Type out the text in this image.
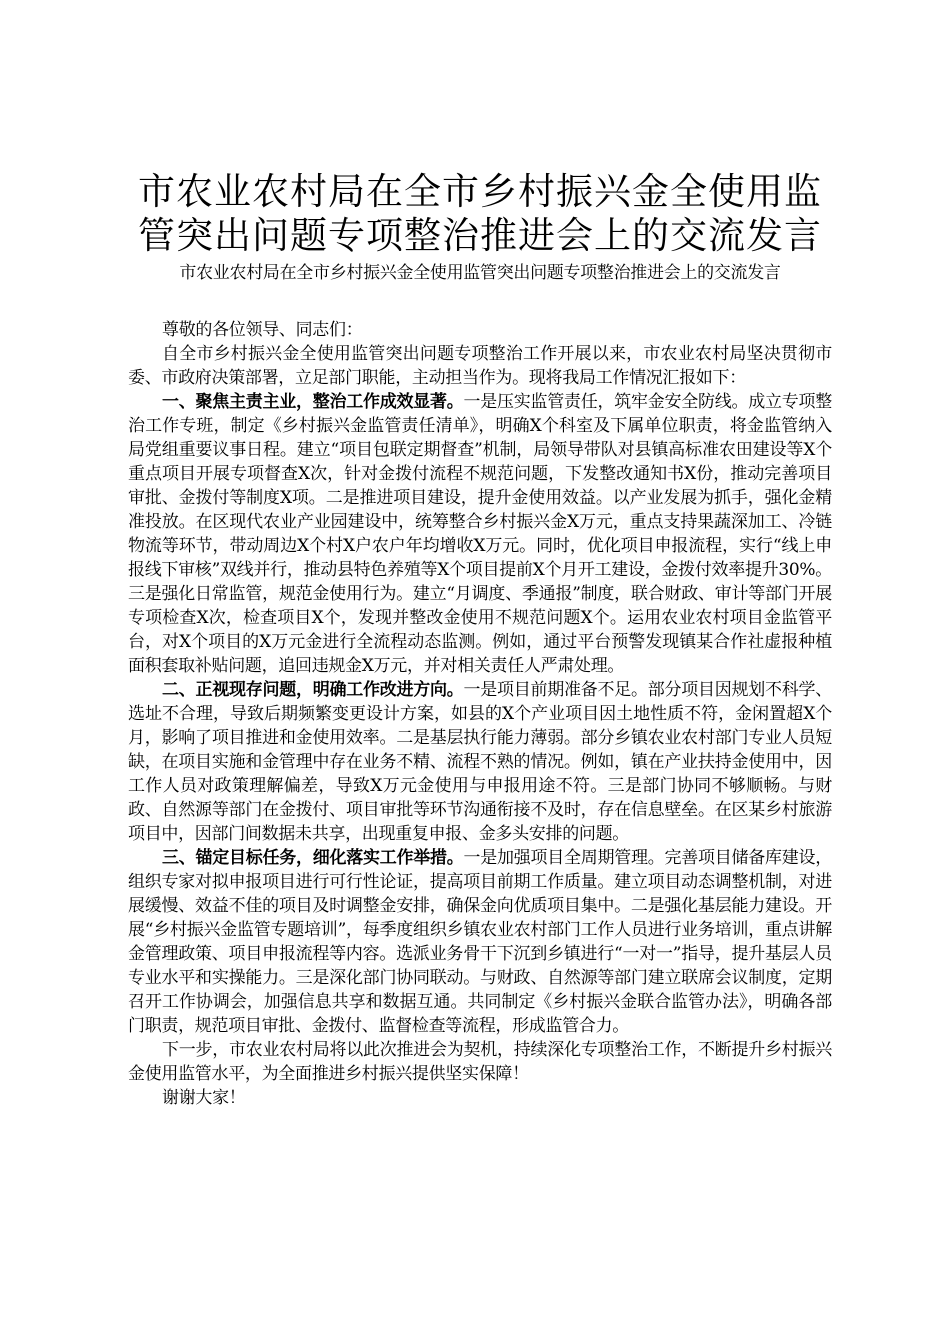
市农业农村局在全市乡村振兴金全使用监管突出问题专项整治推进会上的交流发言
市农业农村局在全市乡村振兴金全使用监管突出问题专项整治推进会上的交流发言

尊敬的各位领导、同志们：

自全市乡村振兴金全使用监管突出问题专项整治工作开展以来，市农业农村局坚决贯彻市委、市政府决策部署，立足部门职能，主动担当作为。现将我局工作情况汇报如下：

一、聚焦主责主业，整治工作成效显著。一是压实监管责任，筑牢金安全防线。成立专项整治工作专班，制定《乡村振兴金监管责任清单》，明确X个科室及下属单位职责，将金监管纳入局党组重要议事日程。建立“项目包联定期督查”机制，局领导带队对县镇高标准农田建设等X个重点项目开展专项督查X次，针对金拨付流程不规范问题，下发整改通知书X份，推动完善项目审批、金拨付等制度X项。二是推进项目建设，提升金使用效益。以产业发展为抓手，强化金精准投放。在区现代农业产业园建设中，统筹整合乡村振兴金X万元，重点支持果蔬深加工、冷链物流等环节，带动周边X个村X户农户年均增收X万元。同时，优化项目申报流程，实行“线上申报线下审核”双线并行，推动县特色养殖等X个项目提前X个月开工建设，金拨付效率提升30%。三是强化日常监管，规范金使用行为。建立“月调度、季通报”制度，联合财政、审计等部门开展专项检查X次，检查项目X个，发现并整改金使用不规范问题X个。运用农业农村项目金监管平台，对X个项目的X万元金进行全流程动态监测。例如，通过平台预警发现镇某合作社虚报种植面积套取补贴问题，追回违规金X万元，并对相关责任人严肃处理。

二、正视现存问题，明确工作改进方向。一是项目前期准备不足。部分项目因规划不科学、选址不合理，导致后期频繁变更设计方案，如县的X个产业项目因土地性质不符，金闲置超X个月，影响了项目推进和金使用效率。二是基层执行能力薄弱。部分乡镇农业农村部门专业人员短缺，在项目实施和金管理中存在业务不精、流程不熟的情况。例如，镇在产业扶持金使用中，因工作人员对政策理解偏差，导致X万元金使用与申报用途不符。三是部门协同不够顺畅。与财政、自然源等部门在金拨付、项目审批等环节沟通衔接不及时，存在信息壁垒。在区某乡村旅游项目中，因部门间数据未共享，出现重复申报、金多头安排的问题。

三、锚定目标任务，细化落实工作举措。一是加强项目全周期管理。完善项目储备库建设，组织专家对拟申报项目进行可行性论证，提高项目前期工作质量。建立项目动态调整机制，对进展缓慢、效益不佳的项目及时调整金安排，确保金向优质项目集中。二是强化基层能力建设。开展“乡村振兴金监管专题培训”，每季度组织乡镇农业农村部门工作人员进行业务培训，重点讲解金管理政策、项目申报流程等内容。选派业务骨干下沉到乡镇进行“一对一”指导，提升基层人员专业水平和实操能力。三是深化部门协同联动。与财政、自然源等部门建立联席会议制度，定期召开工作协调会，加强信息共享和数据互通。共同制定《乡村振兴金联合监管办法》，明确各部门职责，规范项目审批、金拨付、监督检查等流程，形成监管合力。

下一步，市农业农村局将以此次推进会为契机，持续深化专项整治工作，不断提升乡村振兴金使用监管水平，为全面推进乡村振兴提供坚实保障！

谢谢大家！
